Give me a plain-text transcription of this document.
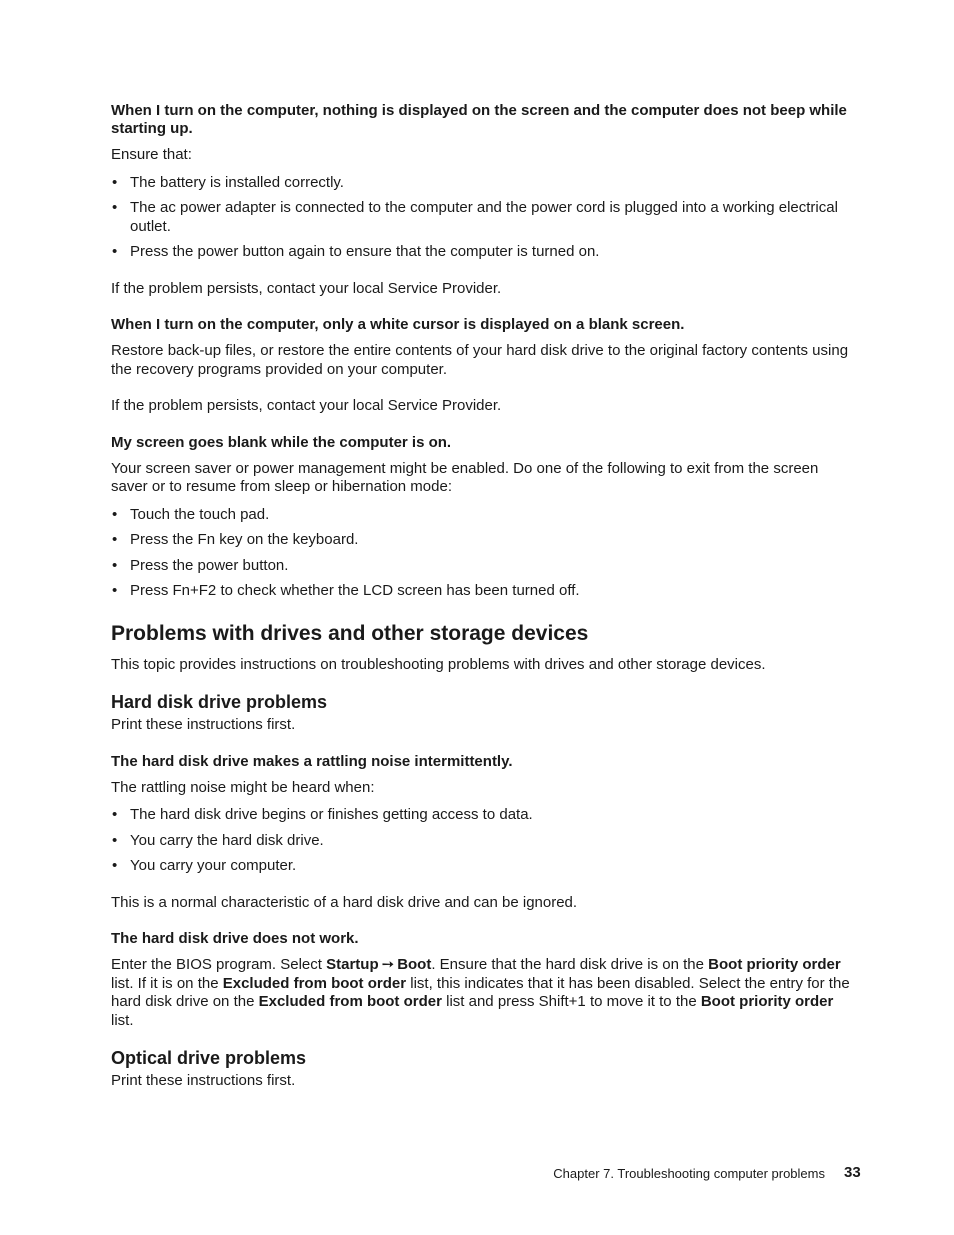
When I turn on the computer, nothing is displayed on the screen and the computer does not beep while starting up.
Ensure that:
• The battery is installed correctly.
• The ac power adapter is connected to the computer and the power cord is plugged into a working electrical outlet.
• Press the power button again to ensure that the computer is turned on.
If the problem persists, contact your local Service Provider.
When I turn on the computer, only a white cursor is displayed on a blank screen.
Restore back-up files, or restore the entire contents of your hard disk drive to the original factory contents using the recovery programs provided on your computer.
If the problem persists, contact your local Service Provider.
My screen goes blank while the computer is on.
Your screen saver or power management might be enabled. Do one of the following to exit from the screen saver or to resume from sleep or hibernation mode:
• Touch the touch pad.
• Press the Fn key on the keyboard.
• Press the power button.
• Press Fn+F2 to check whether the LCD screen has been turned off.
Problems with drives and other storage devices
This topic provides instructions on troubleshooting problems with drives and other storage devices.
Hard disk drive problems
Print these instructions first.
The hard disk drive makes a rattling noise intermittently.
The rattling noise might be heard when:
• The hard disk drive begins or finishes getting access to data.
• You carry the hard disk drive.
• You carry your computer.
This is a normal characteristic of a hard disk drive and can be ignored.
The hard disk drive does not work.
Enter the BIOS program. Select Startup ➙ Boot. Ensure that the hard disk drive is on the Boot priority order list. If it is on the Excluded from boot order list, this indicates that it has been disabled. Select the entry for the hard disk drive on the Excluded from boot order list and press Shift+1 to move it to the Boot priority order list.
Optical drive problems
Print these instructions first.
Chapter 7. Troubleshooting computer problems 33
